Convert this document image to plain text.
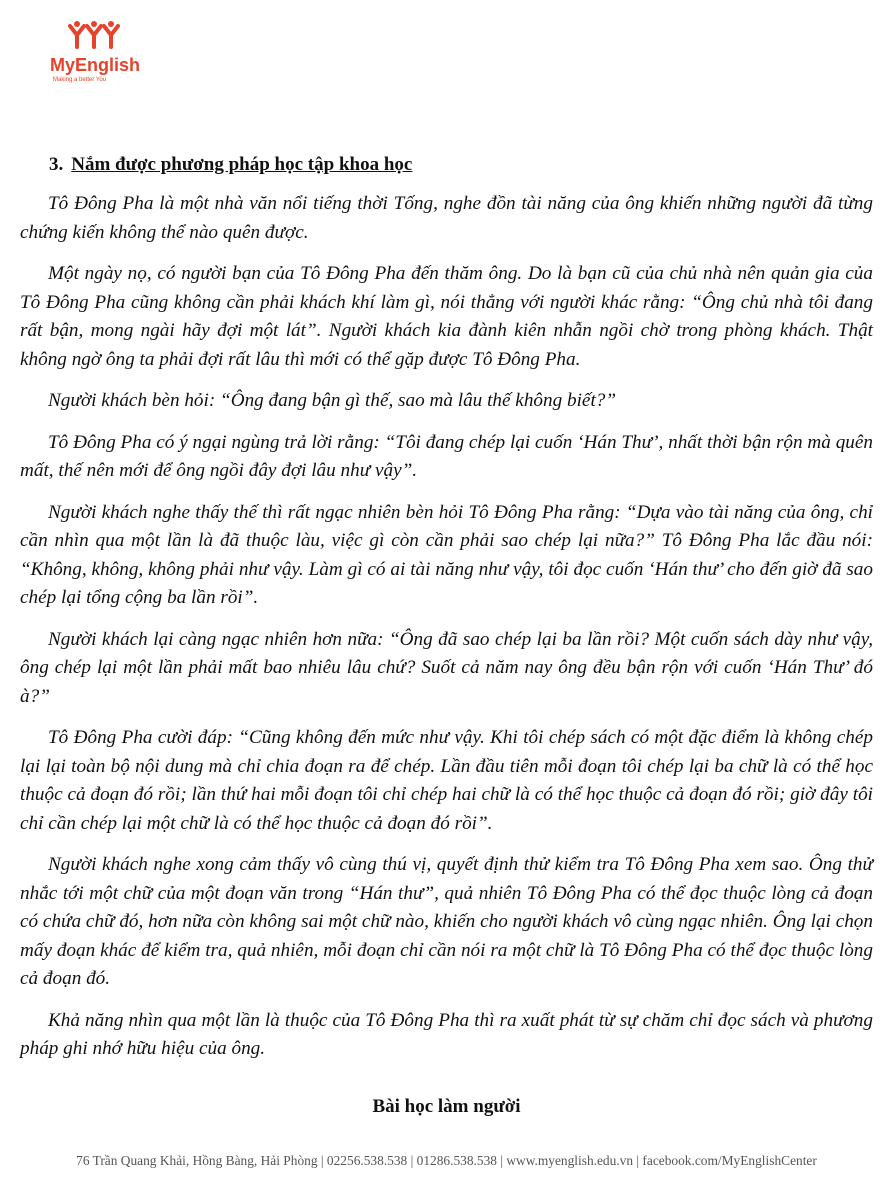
MyEnglish
Making a better You
3. Nắm được phương pháp học tập khoa học

Tô Đông Pha là một nhà văn nổi tiếng thời Tống, nghe đồn tài năng của ông khiến những người đã từng chứng kiến không thể nào quên được.

Một ngày nọ, có người bạn của Tô Đông Pha đến thăm ông. Do là bạn cũ của chủ nhà nên quản gia của Tô Đông Pha cũng không cần phải khách khí làm gì, nói thẳng với người khác rằng: “Ông chủ nhà tôi đang rất bận, mong ngài hãy đợi một lát”. Người khách kia đành kiên nhẫn ngồi chờ trong phòng khách. Thật không ngờ ông ta phải đợi rất lâu thì mới có thể gặp được Tô Đông Pha.

Người khách bèn hỏi: “Ông đang bận gì thế, sao mà lâu thế không biết?”

Tô Đông Pha có ý ngại ngùng trả lời rằng: “Tôi đang chép lại cuốn ‘Hán Thư’, nhất thời bận rộn mà quên mất, thế nên mới để ông ngồi đây đợi lâu như vậy”.

Người khách nghe thấy thế thì rất ngạc nhiên bèn hỏi Tô Đông Pha rằng: “Dựa vào tài năng của ông, chỉ cần nhìn qua một lần là đã thuộc làu, việc gì còn cần phải sao chép lại nữa?” Tô Đông Pha lắc đầu nói: “Không, không, không phải như vậy. Làm gì có ai tài năng như vậy, tôi đọc cuốn ‘Hán thư’ cho đến giờ đã sao chép lại tổng cộng ba lần rồi”.

Người khách lại càng ngạc nhiên hơn nữa: “Ông đã sao chép lại ba lần rồi? Một cuốn sách dày như vậy, ông chép lại một lần phải mất bao nhiêu lâu chứ? Suốt cả năm nay ông đều bận rộn với cuốn ‘Hán Thư’ đó à?”

Tô Đông Pha cười đáp: “Cũng không đến mức như vậy. Khi tôi chép sách có một đặc điểm là không chép lại lại toàn bộ nội dung mà chỉ chia đoạn ra để chép. Lần đầu tiên mỗi đoạn tôi chép lại ba chữ là có thể học thuộc cả đoạn đó rồi; lần thứ hai mỗi đoạn tôi chỉ chép hai chữ là có thể học thuộc cả đoạn đó rồi; giờ đây tôi chỉ cần chép lại một chữ là có thể học thuộc cả đoạn đó rồi”.

Người khách nghe xong cảm thấy vô cùng thú vị, quyết định thử kiểm tra Tô Đông Pha xem sao. Ông thử nhắc tới một chữ của một đoạn văn trong “Hán thư”, quả nhiên Tô Đông Pha có thể đọc thuộc lòng cả đoạn có chứa chữ đó, hơn nữa còn không sai một chữ nào, khiến cho người khách vô cùng ngạc nhiên. Ông lại chọn mấy đoạn khác để kiểm tra, quả nhiên, mỗi đoạn chỉ cần nói ra một chữ là Tô Đông Pha có thể đọc thuộc lòng cả đoạn đó.

Khả năng nhìn qua một lần là thuộc của Tô Đông Pha thì ra xuất phát từ sự chăm chỉ đọc sách và phương pháp ghi nhớ hữu hiệu của ông.

Bài học làm người
76 Trần Quang Khải, Hồng Bàng, Hải Phòng | 02256.538.538 | 01286.538.538 | www.myenglish.edu.vn | facebook.com/MyEnglishCenter
